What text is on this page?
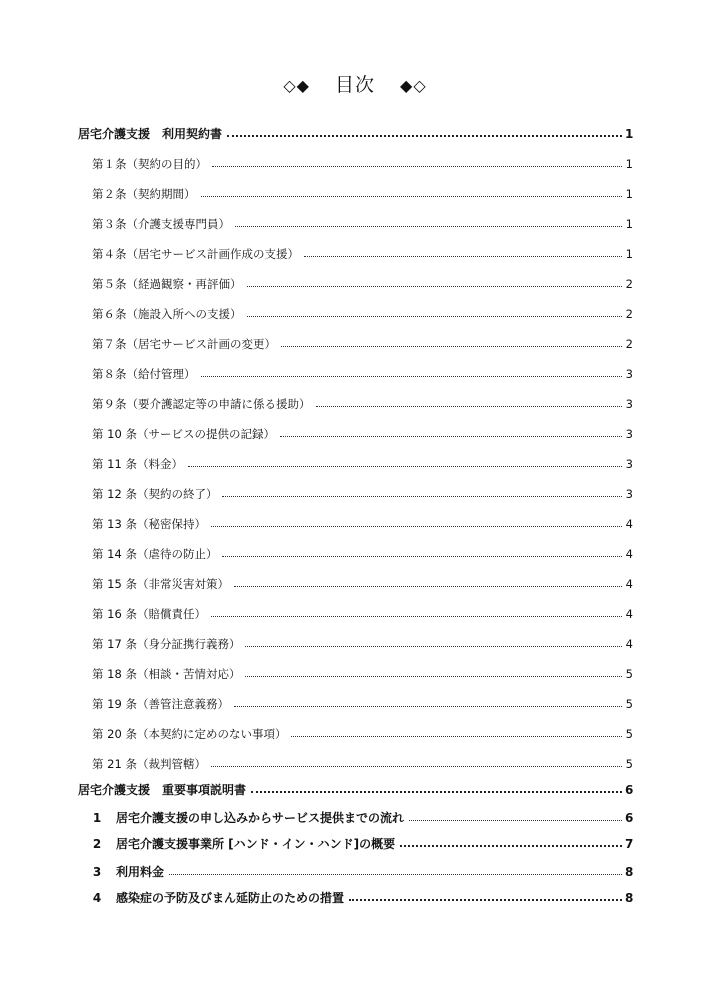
◇◆ 目次 ◆◇
居宅介護支援　利用契約書	1
第１条（契約の目的）	1
第２条（契約期間）	1
第３条（介護支援専門員）	1
第４条（居宅サービス計画作成の支援）	1
第５条（経過観察・再評価）	2
第６条（施設入所への支援）	2
第７条（居宅サービス計画の変更）	2
第８条（給付管理）	3
第９条（要介護認定等の申請に係る援助）	3
第 10 条（サービスの提供の記録）	3
第 11 条（料金）	3
第 12 条（契約の終了）	3
第 13 条（秘密保持）	4
第 14 条（虐待の防止）	4
第 15 条（非常災害対策）	4
第 16 条（賠償責任）	4
第 17 条（身分証携行義務）	4
第 18 条（相談・苦情対応）	5
第 19 条（善管注意義務）	5
第 20 条（本契約に定めのない事項）	5
第 21 条（裁判管轄）	5
居宅介護支援　重要事項説明書	6
1	居宅介護支援の申し込みからサービス提供までの流れ	6
2	居宅介護支援事業所 [ハンド・イン・ハンド]の概要	7
3	利用料金	8
4	感染症の予防及びまん延防止のための措置	8
